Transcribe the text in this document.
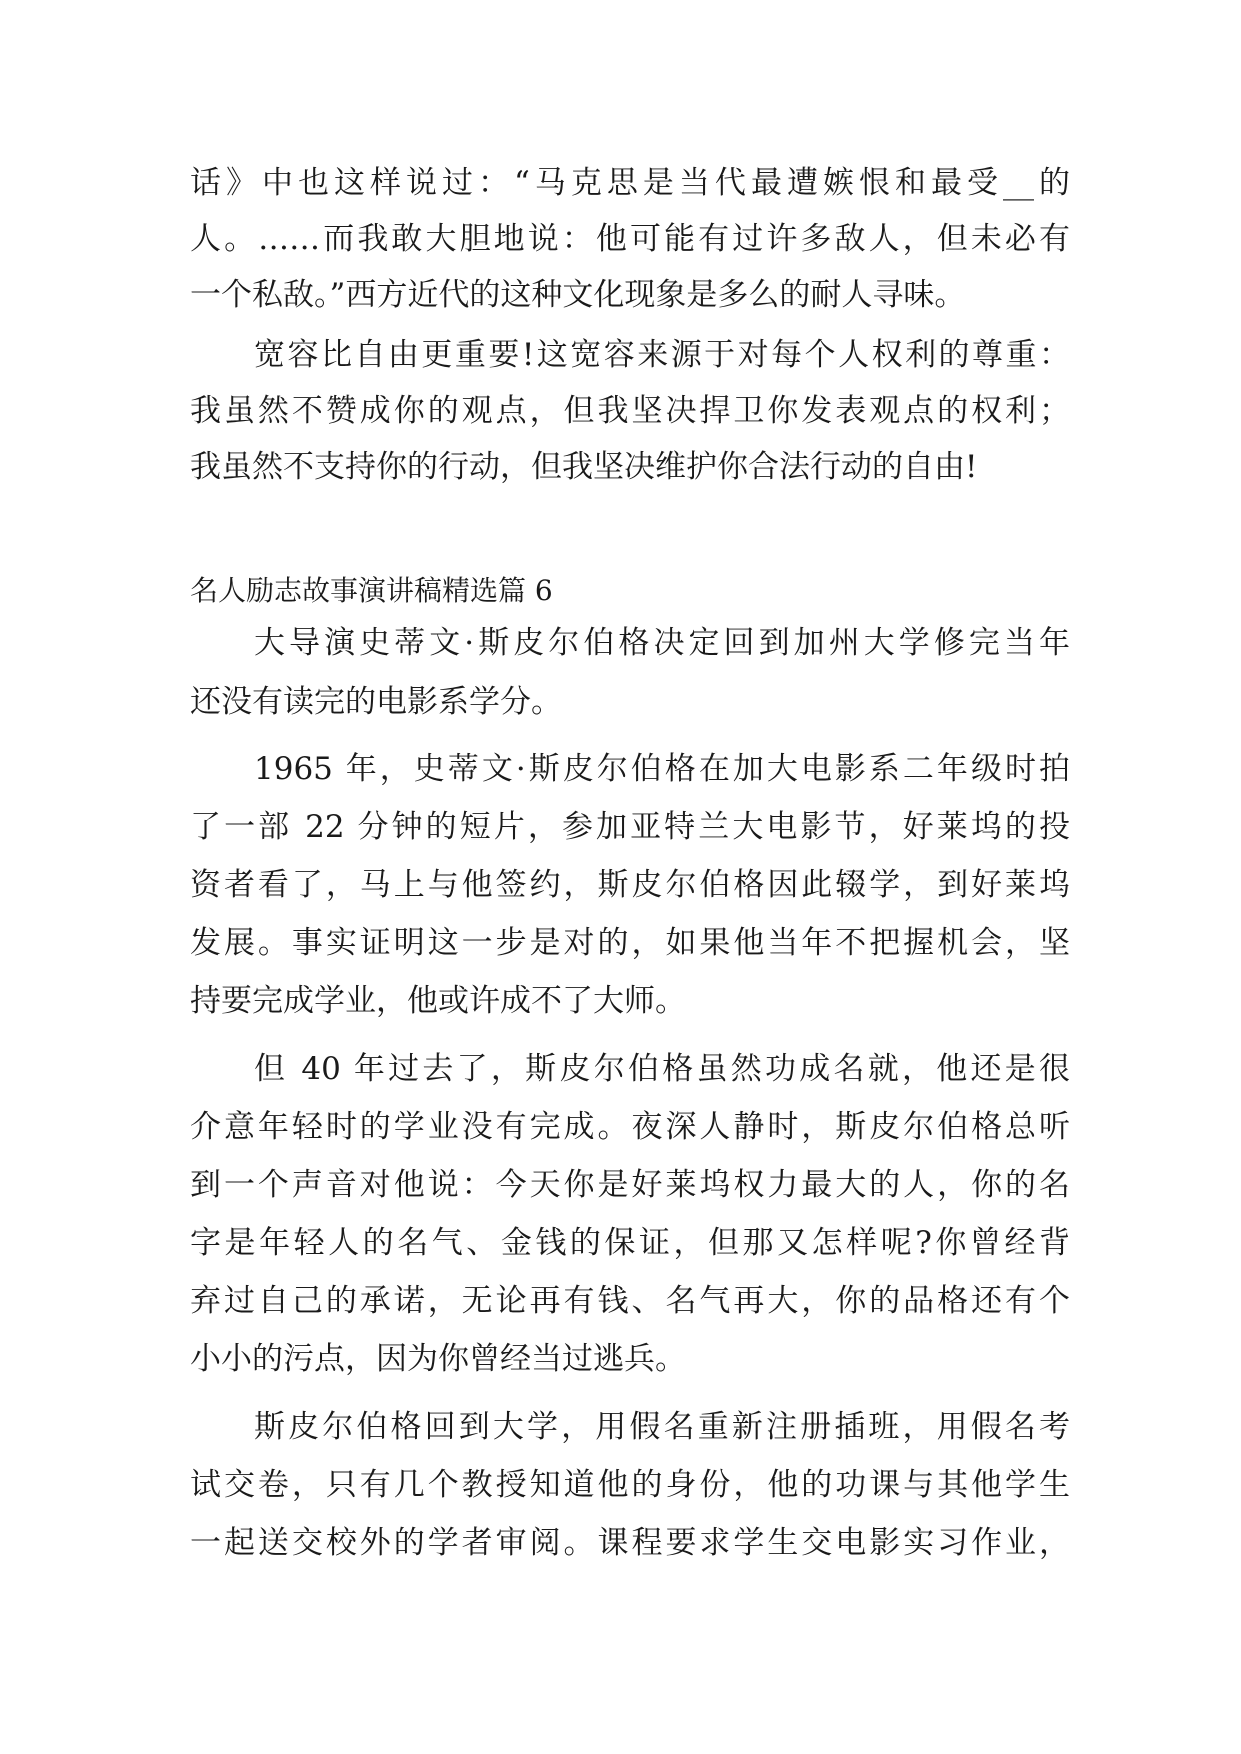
话》中也这样说过：“马克思是当代最遭嫉恨和最受__的
人。……而我敢大胆地说：他可能有过许多敌人，但未必有
一个私敌。”西方近代的这种文化现象是多么的耐人寻味。
宽容比自由更重要!这宽容来源于对每个人权利的尊重：
我虽然不赞成你的观点，但我坚决捍卫你发表观点的权利；
我虽然不支持你的行动，但我坚决维护你合法行动的自由!
名人励志故事演讲稿精选篇 6
大导演史蒂文·斯皮尔伯格决定回到加州大学修完当年
还没有读完的电影系学分。
1965 年，史蒂文·斯皮尔伯格在加大电影系二年级时拍
了一部 22 分钟的短片，参加亚特兰大电影节，好莱坞的投
资者看了，马上与他签约，斯皮尔伯格因此辍学，到好莱坞
发展。事实证明这一步是对的，如果他当年不把握机会，坚
持要完成学业，他或许成不了大师。
但 40 年过去了，斯皮尔伯格虽然功成名就，他还是很
介意年轻时的学业没有完成。夜深人静时，斯皮尔伯格总听
到一个声音对他说：今天你是好莱坞权力最大的人，你的名
字是年轻人的名气、金钱的保证，但那又怎样呢?你曾经背
弃过自己的承诺，无论再有钱、名气再大，你的品格还有个
小小的污点，因为你曾经当过逃兵。
斯皮尔伯格回到大学，用假名重新注册插班，用假名考
试交卷，只有几个教授知道他的身份，他的功课与其他学生
一起送交校外的学者审阅。课程要求学生交电影实习作业，
